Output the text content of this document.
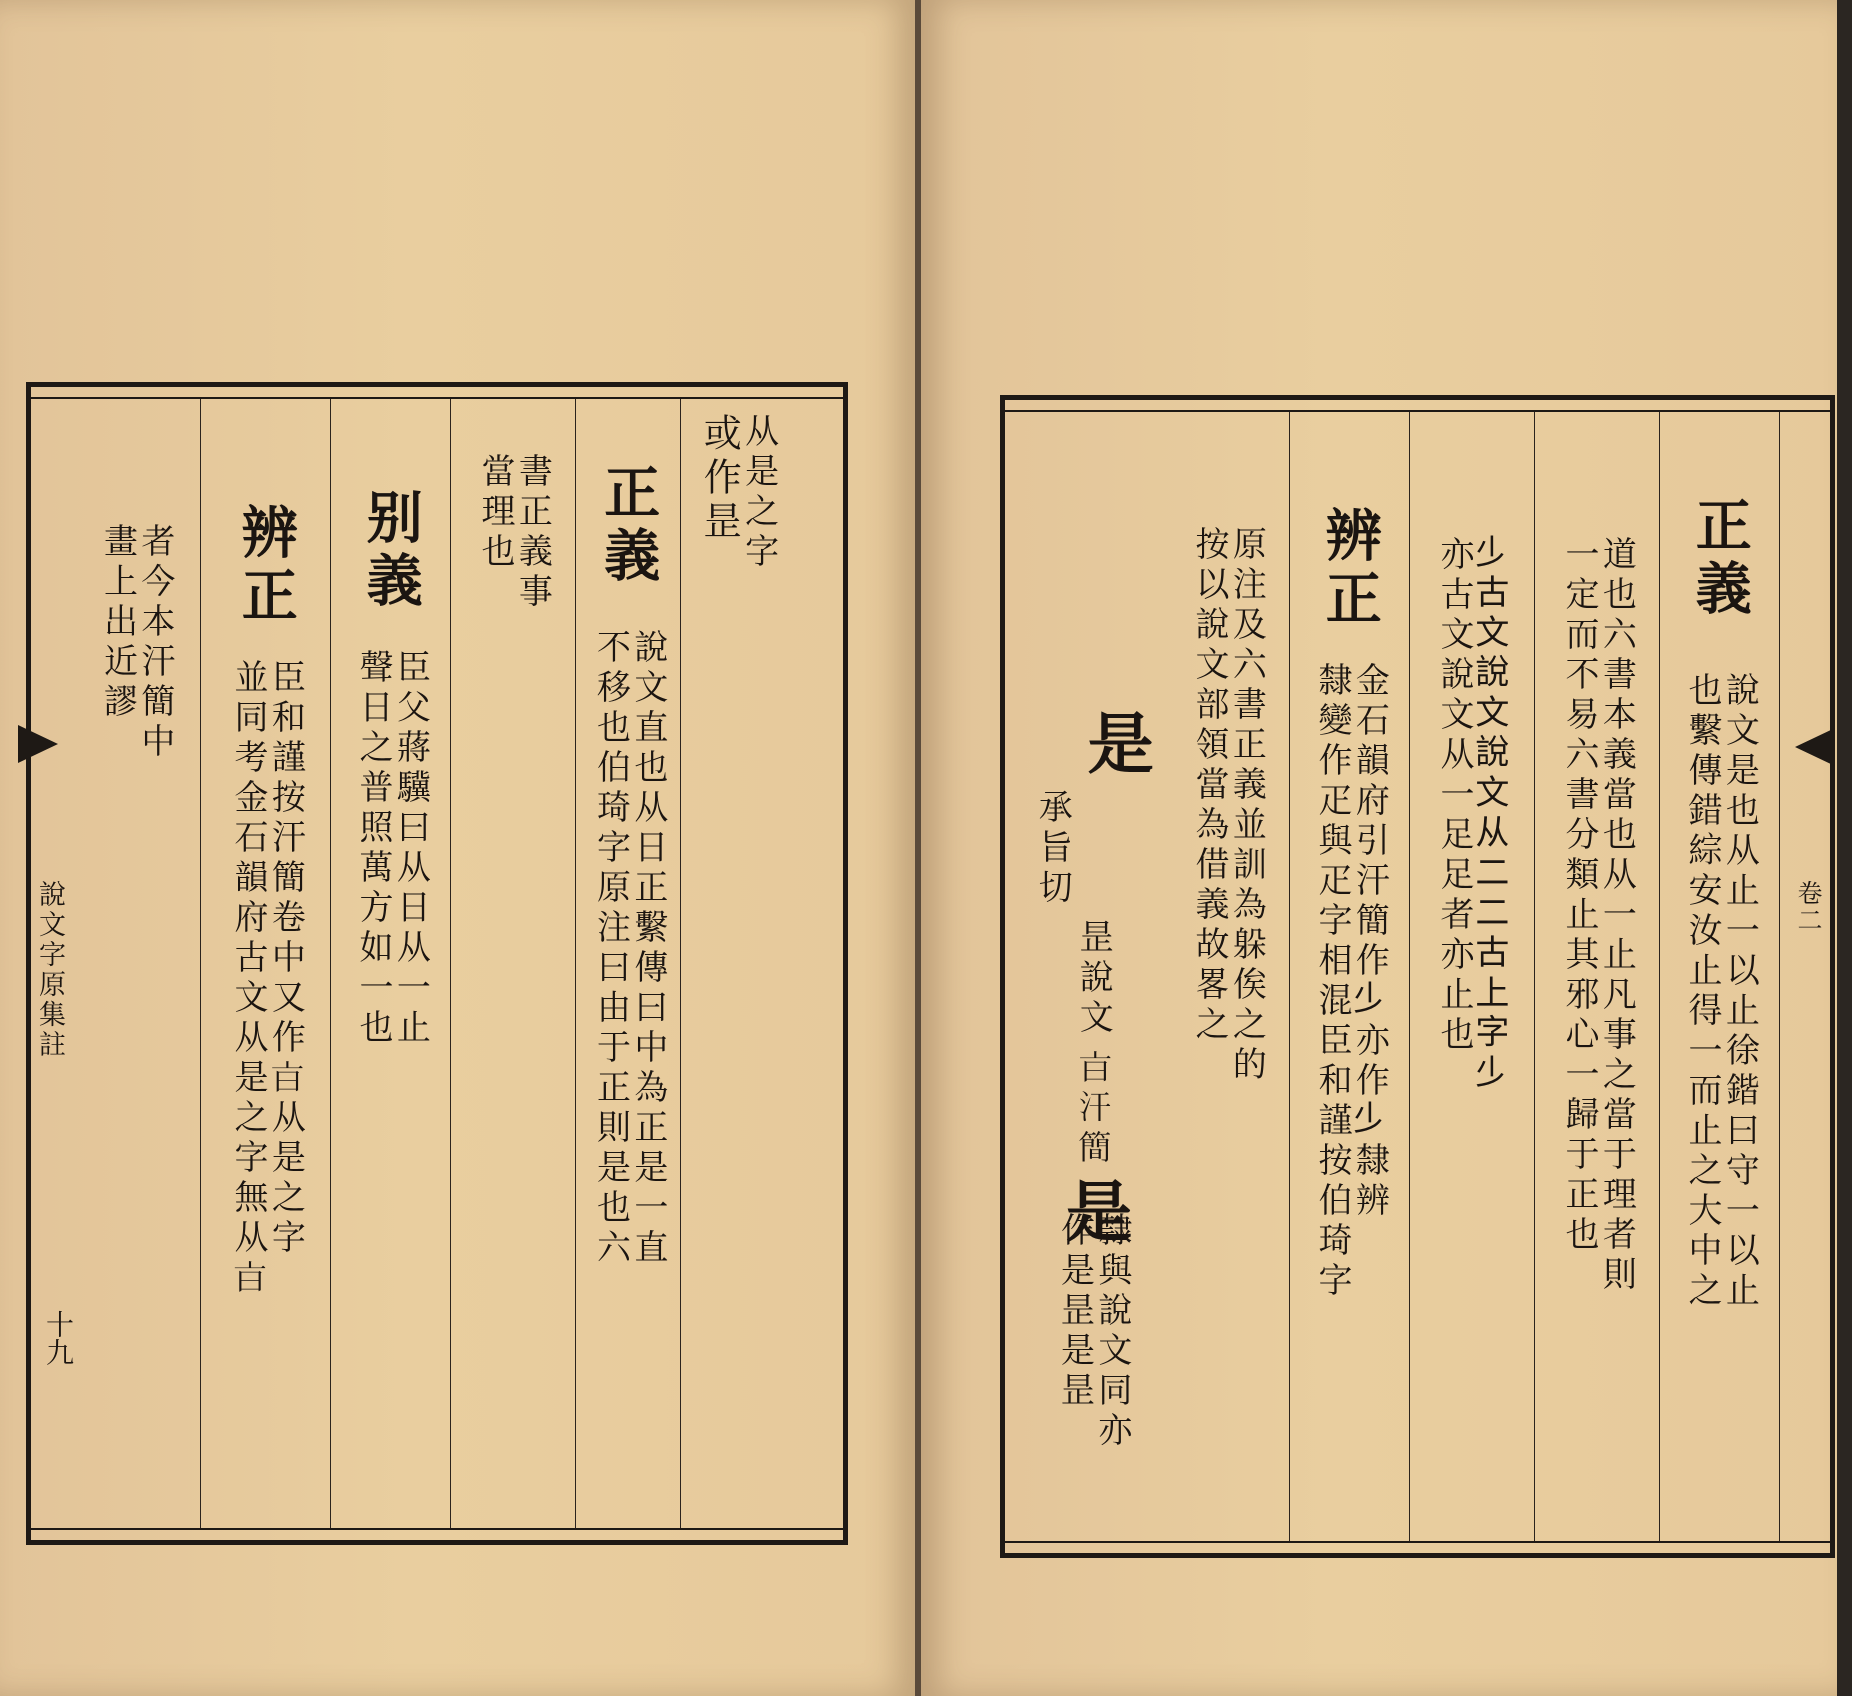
从是之字
或作昰
正義
說文直也从日正繫傳曰中為正是一直
不移也伯琦字原注曰由于正則是也六
書正義事
當理也
别義
臣父蔣驥曰从日从一止
聲日之普照萬方如一也
辨正
臣和謹按汗簡卷中又作𣅀从是之字
並同考金石韻府古文从是之字無从𣅀
者今本汗簡中
畫上出近謬
說文字原集註
十九
正義
說文是也从止一以止徐鍇曰守一以止
也繫傳錯綜安汝止得一而止之大中之
道也六書本義當也从一止凡事之當于理者則
一定而不易六書分類止其邪心一歸于正也
𣥂古文說文說文从二二古上字𣥂
亦古文說文从一足足者亦止也
辨正
金石韻府引汗簡作𣥂亦作𣥂隸辨
隸變作疋與疋字相混臣和謹按伯琦字
原注及六書正義並訓為躲俟之的
按以說文部領當為借義故畧之
是
承旨切
昰說文
𣅀汗簡
是
隸與說文同亦
作是昰是昰
卷二
